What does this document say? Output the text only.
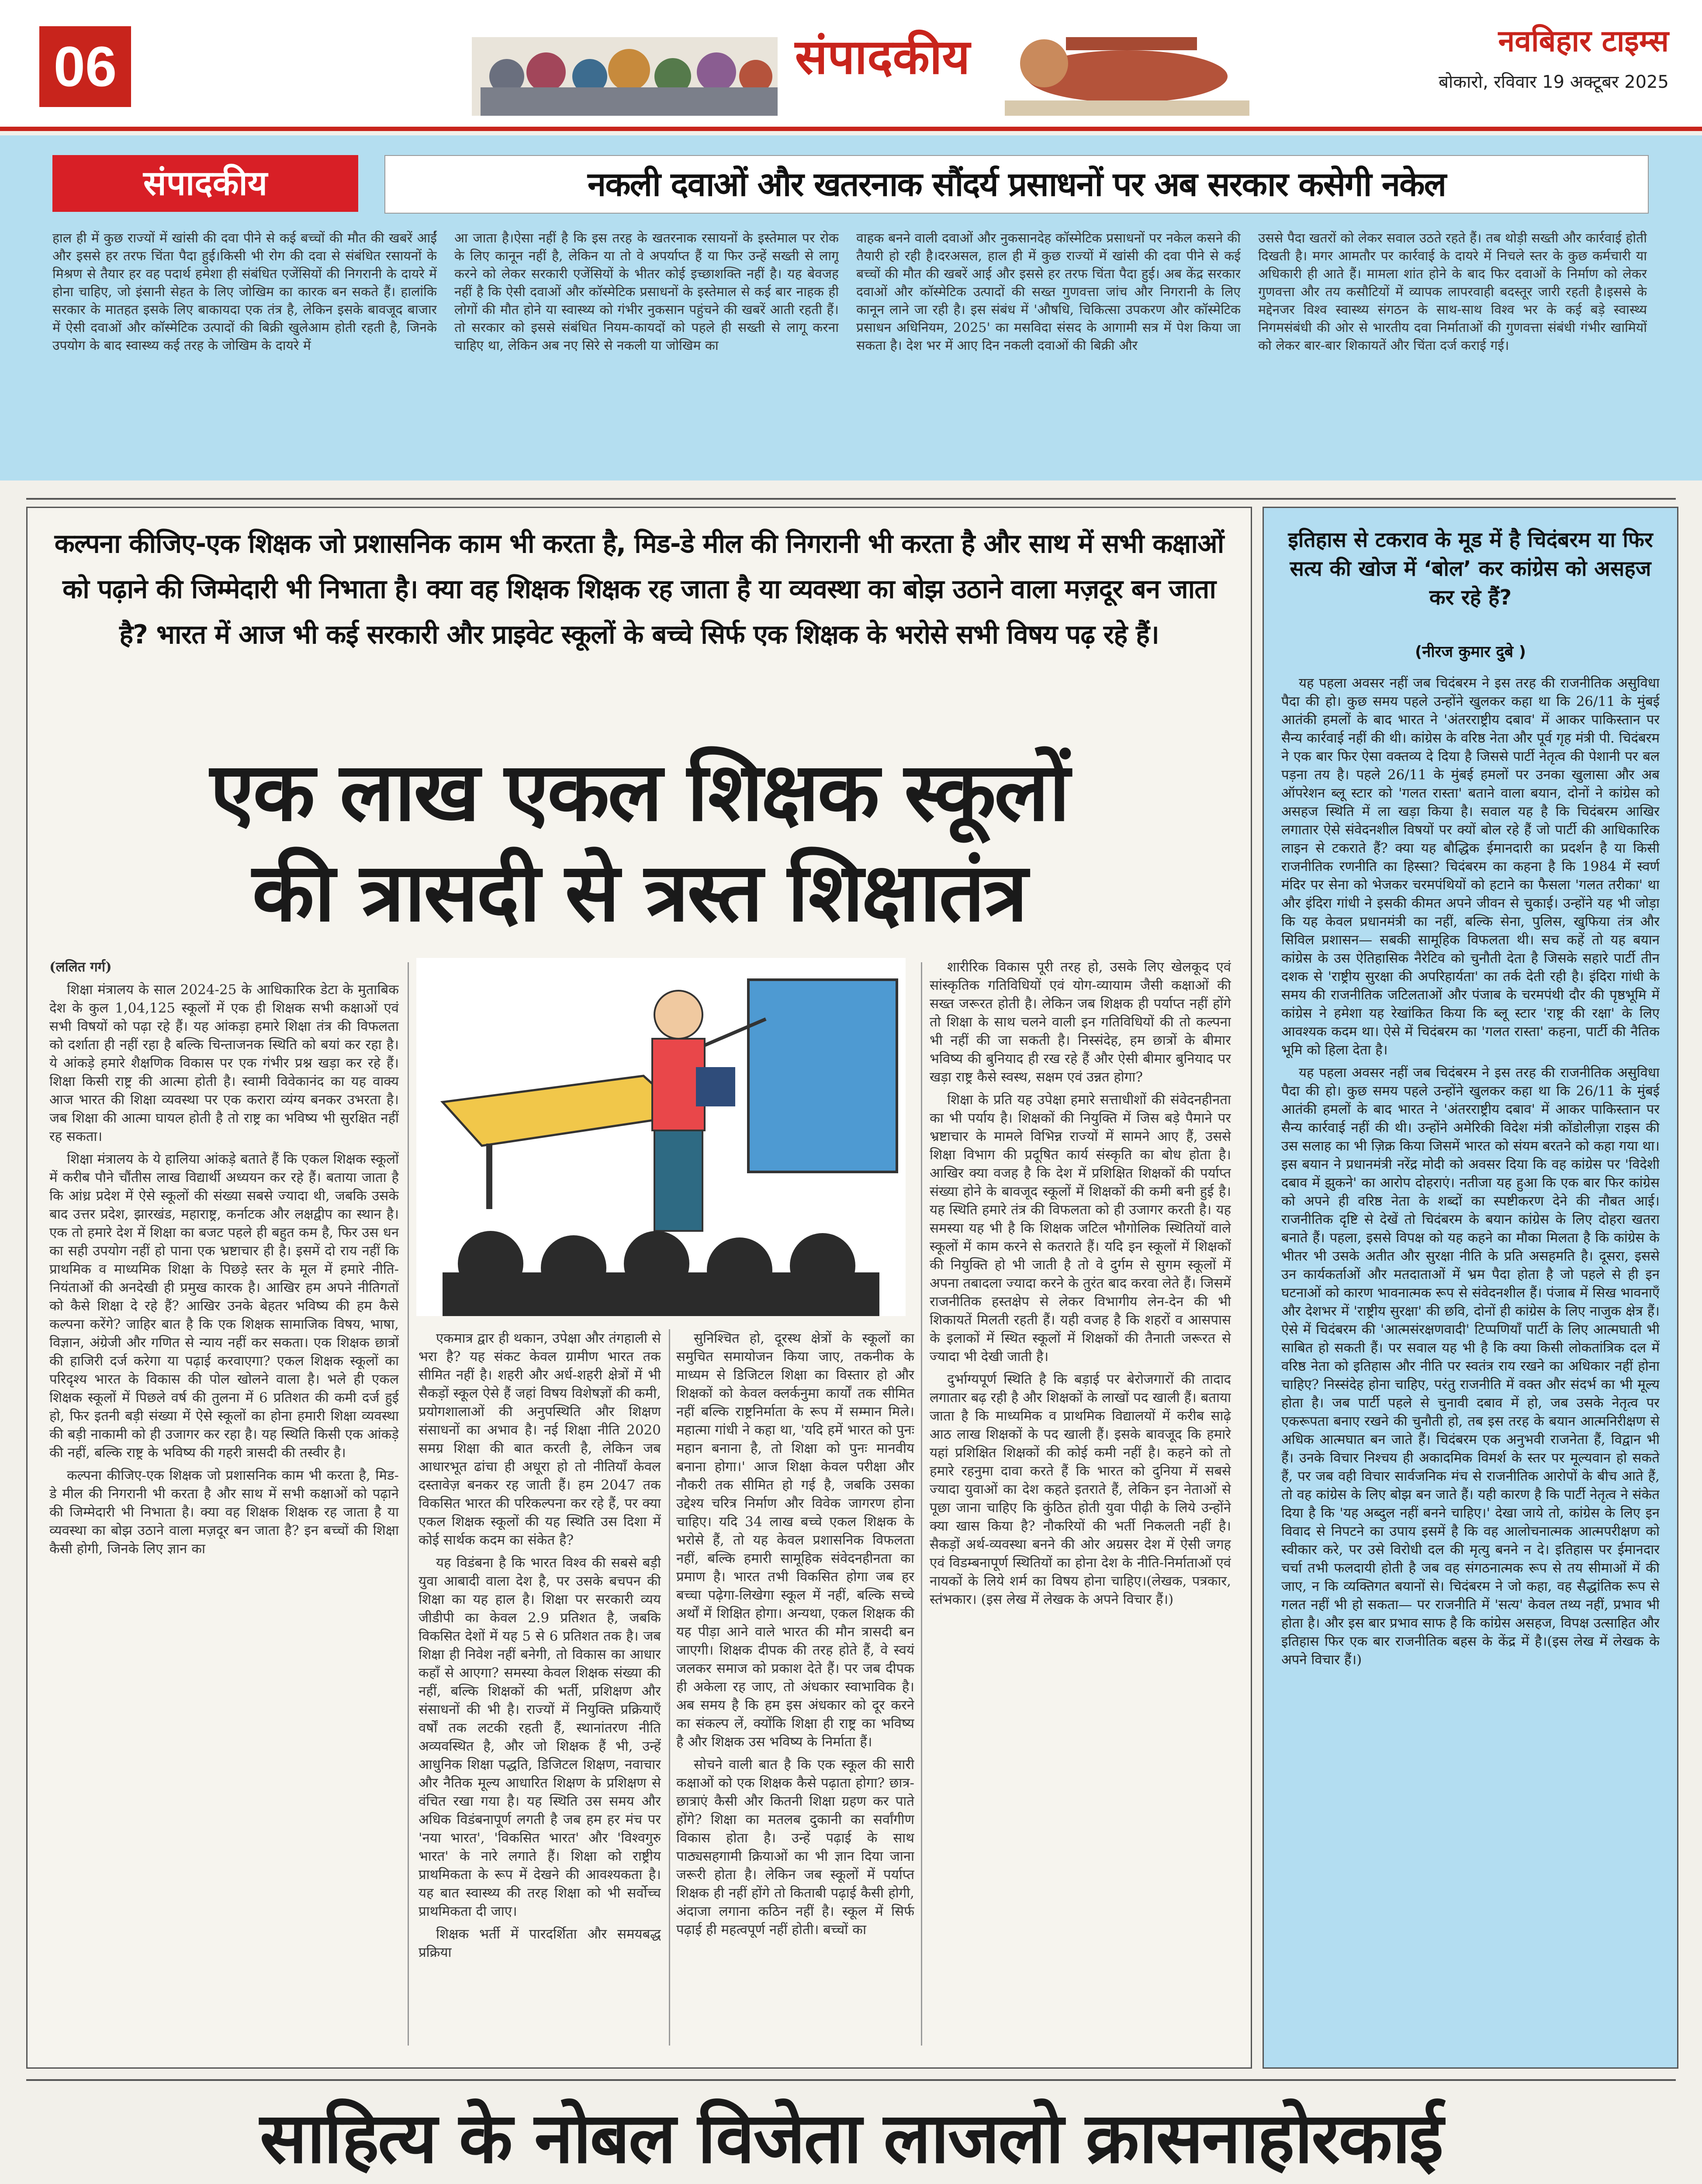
06	संपादकीय	नवबिहार टाइम्स
बोकारो, रविवार 19 अक्टूबर 2025
संपादकीय	नकली दवाओं और खतरनाक सौंदर्य प्रसाधनों पर अब सरकार कसेगी नकेल
हाल ही में कुछ राज्यों में खांसी की दवा पीने से कई बच्चों की मौत की खबरें आईं और इससे हर तरफ चिंता पैदा हुई।किसी भी रोग की दवा से संबंधित रसायनों के मिश्रण से तैयार हर वह पदार्थ हमेशा ही संबंधित एजेंसियों की निगरानी के दायरे में होना चाहिए, जो इंसानी सेहत के लिए जोखिम का कारक बन सकते हैं। हालांकि सरकार के मातहत इसके लिए बाकायदा एक तंत्र है, लेकिन इसके बावजूद बाजार में ऐसी दवाओं और कॉस्मेटिक उत्पादों की बिक्री खुलेआम होती रहती है, जिनके उपयोग के बाद स्वास्थ्य कई तरह के जोखिम के दायरे में
आ जाता है।ऐसा नहीं है कि इस तरह के खतरनाक रसायनों के इस्तेमाल पर रोक के लिए कानून नहीं है, लेकिन या तो वे अपर्याप्त हैं या फिर उन्हें सख्ती से लागू करने को लेकर सरकारी एजेंसियों के भीतर कोई इच्छाशक्ति नहीं है। यह बेवजह नहीं है कि ऐसी दवाओं और कॉस्मेटिक प्रसाधनों के इस्तेमाल से कई बार नाहक ही लोगों की मौत होने या स्वास्थ्य को गंभीर नुकसान पहुंचने की खबरें आती रहती हैं।तो सरकार को इससे संबंधित नियम-कायदों को पहले ही सख्ती से लागू करना चाहिए था, लेकिन अब नए सिरे से नकली या जोखिम का
वाहक बनने वाली दवाओं और नुकसानदेह कॉस्मेटिक प्रसाधनों पर नकेल कसने की तैयारी हो रही है।दरअसल, हाल ही में कुछ राज्यों में खांसी की दवा पीने से कई बच्चों की मौत की खबरें आई और इससे हर तरफ चिंता पैदा हुई। अब केंद्र सरकार दवाओं और कॉस्मेटिक उत्पादों की सख्त गुणवत्ता जांच और निगरानी के लिए कानून लाने जा रही है। इस संबंध में 'औषधि, चिकित्सा उपकरण और कॉस्मेटिक प्रसाधन अधिनियम, 2025' का मसविदा संसद के आगामी सत्र में पेश किया जा सकता है। देश भर में आए दिन नकली दवाओं की बिक्री और
उससे पैदा खतरों को लेकर सवाल उठते रहते हैं। तब थोड़ी सख्ती और कार्रवाई होती दिखती है। मगर आमतौर पर कार्रवाई के दायरे में निचले स्तर के कुछ कर्मचारी या अधिकारी ही आते हैं। मामला शांत होने के बाद फिर दवाओं के निर्माण को लेकर गुणवत्ता और तय कसौटियों में व्यापक लापरवाही बदस्तूर जारी रहती है।इससे के मद्देनजर विश्व स्वास्थ्य संगठन के साथ-साथ विश्व भर के कई बड़े स्वास्थ्य निगमसंबंधी की ओर से भारतीय दवा निर्माताओं की गुणवत्ता संबंधी गंभीर खामियों को लेकर बार-बार शिकायतें और चिंता दर्ज कराई गई।
कल्पना कीजिए-एक शिक्षक जो प्रशासनिक काम भी करता है, मिड-डे मील की निगरानी भी करता है और साथ में सभी कक्षाओं को पढ़ाने की जिम्मेदारी भी निभाता है। क्या वह शिक्षक शिक्षक रह जाता है या व्यवस्था का बोझ उठाने वाला मज़दूर बन जाता है? भारत में आज भी कई सरकारी और प्राइवेट स्कूलों के बच्चे सिर्फ एक शिक्षक के भरोसे सभी विषय पढ़ रहे हैं।
एक लाख एकल शिक्षक स्कूलों
की त्रासदी से त्रस्त शिक्षातंत्र

(ललित गर्ग)

शिक्षा मंत्रालय के साल 2024-25 के आधिकारिक डेटा के मुताबिक देश के कुल 1,04,125 स्कूलों में एक ही शिक्षक सभी कक्षाओं एवं सभी विषयों को पढ़ा रहे हैं। यह आंकड़ा हमारे शिक्षा तंत्र की विफलता को दर्शाता ही नहीं रहा है बल्कि चिन्ताजनक स्थिति को बयां कर रहा है। ये आंकड़े हमारे शैक्षणिक विकास पर एक गंभीर प्रश्न खड़ा कर रहे हैं। शिक्षा किसी राष्ट्र की आत्मा होती है। स्वामी विवेकानंद का यह वाक्य आज भारत की शिक्षा व्यवस्था पर एक करारा व्यंग्य बनकर उभरता है। जब शिक्षा की आत्मा घायल होती है तो राष्ट्र का भविष्य भी सुरक्षित नहीं रह सकता।

शिक्षा मंत्रालय के ये हालिया आंकड़े बताते हैं कि एकल शिक्षक स्कूलों में करीब पौने चौंतीस लाख विद्यार्थी अध्ययन कर रहे हैं। बताया जाता है कि आंध्र प्रदेश में ऐसे स्कूलों की संख्या सबसे ज्यादा थी, जबकि उसके बाद उत्तर प्रदेश, झारखंड, महाराष्ट्र, कर्नाटक और लक्षद्वीप का स्थान है। एक तो हमारे देश में शिक्षा का बजट पहले ही बहुत कम है, फिर उस धन का सही उपयोग नहीं हो पाना एक भ्रष्टाचार ही है। इसमें दो राय नहीं कि प्राथमिक व माध्यमिक शिक्षा के पिछड़े स्तर के मूल में हमारे नीति-नियंताओं की अनदेखी ही प्रमुख कारक है। आखिर हम अपने नीतिगतों को कैसे शिक्षा दे रहे हैं? आखिर उनके बेहतर भविष्य की हम कैसे कल्पना करेंगे? जाहिर बात है कि एक शिक्षक सामाजिक विषय, भाषा, विज्ञान, अंग्रेजी और गणित से न्याय नहीं कर सकता। एक शिक्षक छात्रों की हाजिरी दर्ज करेगा या पढ़ाई करवाएगा? एकल शिक्षक स्कूलों का परिदृश्य भारत के विकास की पोल खोलने वाला है। भले ही एकल शिक्षक स्कूलों में पिछले वर्ष की तुलना में 6 प्रतिशत की कमी दर्ज हुई हो, फिर इतनी बड़ी संख्या में ऐसे स्कूलों का होना हमारी शिक्षा व्यवस्था की बड़ी नाकामी को ही उजागर कर रहा है। यह स्थिति किसी एक आंकड़े की नहीं, बल्कि राष्ट्र के भविष्य की गहरी त्रासदी की तस्वीर है।

कल्पना कीजिए-एक शिक्षक जो प्रशासनिक काम भी करता है, मिड-डे मील की निगरानी भी करता है और साथ में सभी कक्षाओं को पढ़ाने की जिम्मेदारी भी निभाता है। क्या वह शिक्षक शिक्षक रह जाता है या व्यवस्था का बोझ उठाने वाला मज़दूर बन जाता है? इन बच्चों की शिक्षा कैसी होगी, जिनके लिए ज्ञान का

एकमात्र द्वार ही थकान, उपेक्षा और तंगहाली से भरा है? यह संकट केवल ग्रामीण भारत तक सीमित नहीं है। शहरी और अर्ध-शहरी क्षेत्रों में भी सैकड़ों स्कूल ऐसे हैं जहां विषय विशेषज्ञों की कमी, प्रयोगशालाओं की अनुपस्थिति और शिक्षण संसाधनों का अभाव है। नई शिक्षा नीति 2020 समग्र शिक्षा की बात करती है, लेकिन जब आधारभूत ढांचा ही अधूरा हो तो नीतियाँ केवल दस्तावेज़ बनकर रह जाती हैं। हम 2047 तक विकसित भारत की परिकल्पना कर रहे हैं, पर क्या एकल शिक्षक स्कूलों की यह स्थिति उस दिशा में कोई सार्थक कदम का संकेत है?

यह विडंबना है कि भारत विश्व की सबसे बड़ी युवा आबादी वाला देश है, पर उसके बचपन की शिक्षा का यह हाल है। शिक्षा पर सरकारी व्यय जीडीपी का केवल 2.9 प्रतिशत है, जबकि विकसित देशों में यह 5 से 6 प्रतिशत तक है। जब शिक्षा ही निवेश नहीं बनेगी, तो विकास का आधार कहाँ से आएगा? समस्या केवल शिक्षक संख्या की नहीं, बल्कि शिक्षकों की भर्ती, प्रशिक्षण और संसाधनों की भी है। राज्यों में नियुक्ति प्रक्रियाएँ वर्षों तक लटकी रहती हैं, स्थानांतरण नीति अव्यवस्थित है, और जो शिक्षक हैं भी, उन्हें आधुनिक शिक्षा पद्धति, डिजिटल शिक्षण, नवाचार और नैतिक मूल्य आधारित शिक्षण के प्रशिक्षण से वंचित रखा गया है। यह स्थिति उस समय और अधिक विडंबनापूर्ण लगती है जब हम हर मंच पर 'नया भारत', 'विकसित भारत' और 'विश्वगुरु भारत' के नारे लगाते हैं। शिक्षा को राष्ट्रीय प्राथमिकता के रूप में देखने की आवश्यकता है। यह बात स्वास्थ्य की तरह शिक्षा को भी सर्वोच्च प्राथमिकता दी जाए।

शिक्षक भर्ती में पारदर्शिता और समयबद्ध प्रक्रिया

सुनिश्चित हो, दूरस्थ क्षेत्रों के स्कूलों का समुचित समायोजन किया जाए, तकनीक के माध्यम से डिजिटल शिक्षा का विस्तार हो और शिक्षकों को केवल क्लर्कनुमा कार्यों तक सीमित नहीं बल्कि राष्ट्रनिर्माता के रूप में सम्मान मिले। महात्मा गांधी ने कहा था, 'यदि हमें भारत को पुनः महान बनाना है, तो शिक्षा को पुनः मानवीय बनाना होगा।' आज शिक्षा केवल परीक्षा और नौकरी तक सीमित हो गई है, जबकि उसका उद्देश्य चरित्र निर्माण और विवेक जागरण होना चाहिए। यदि 34 लाख बच्चे एकल शिक्षक के भरोसे हैं, तो यह केवल प्रशासनिक विफलता नहीं, बल्कि हमारी सामूहिक संवेदनहीनता का प्रमाण है। भारत तभी विकसित होगा जब हर बच्चा पढ़ेगा-लिखेगा स्कूल में नहीं, बल्कि सच्चे अर्थों में शिक्षित होगा। अन्यथा, एकल शिक्षक की यह पीड़ा आने वाले भारत की मौन त्रासदी बन जाएगी। शिक्षक दीपक की तरह होते हैं, वे स्वयं जलकर समाज को प्रकाश देते हैं। पर जब दीपक ही अकेला रह जाए, तो अंधकार स्वाभाविक है। अब समय है कि हम इस अंधकार को दूर करने का संकल्प लें, क्योंकि शिक्षा ही राष्ट्र का भविष्य है और शिक्षक उस भविष्य के निर्माता हैं।

सोचने वाली बात है कि एक स्कूल की सारी कक्षाओं को एक शिक्षक कैसे पढ़ाता होगा? छात्र-छात्राएं कैसी और कितनी शिक्षा ग्रहण कर पाते होंगे? शिक्षा का मतलब दुकानी का सर्वांगीण विकास होता है। उन्हें पढ़ाई के साथ पाठ्यसहगामी क्रियाओं का भी ज्ञान दिया जाना जरूरी होता है। लेकिन जब स्कूलों में पर्याप्त शिक्षक ही नहीं होंगे तो किताबी पढ़ाई कैसी होगी, अंदाजा लगाना कठिन नहीं है। स्कूल में सिर्फ पढ़ाई ही महत्वपूर्ण नहीं होती। बच्चों का

शारीरिक विकास पूरी तरह हो, उसके लिए खेलकूद एवं सांस्कृतिक गतिविधियों एवं योग-व्यायाम जैसी कक्षाओं की सख्त जरूरत होती है। लेकिन जब शिक्षक ही पर्याप्त नहीं होंगे तो शिक्षा के साथ चलने वाली इन गतिविधियों की तो कल्पना भी नहीं की जा सकती है। निस्संदेह, हम छात्रों के बीमार भविष्य की बुनियाद ही रख रहे हैं और ऐसी बीमार बुनियाद पर खड़ा राष्ट्र कैसे स्वस्थ, सक्षम एवं उन्नत होगा?

शिक्षा के प्रति यह उपेक्षा हमारे सत्ताधीशों की संवेदनहीनता का भी पर्याय है। शिक्षकों की नियुक्ति में जिस बड़े पैमाने पर भ्रष्टाचार के मामले विभिन्न राज्यों में सामने आए हैं, उससे शिक्षा विभाग की प्रदूषित कार्य संस्कृति का बोध होता है। आखिर क्या वजह है कि देश में प्रशिक्षित शिक्षकों की पर्याप्त संख्या होने के बावजूद स्कूलों में शिक्षकों की कमी बनी हुई है। यह स्थिति हमारे तंत्र की विफलता को ही उजागर करती है। यह समस्या यह भी है कि शिक्षक जटिल भौगोलिक स्थितियों वाले स्कूलों में काम करने से कतराते हैं। यदि इन स्कूलों में शिक्षकों की नियुक्ति हो भी जाती है तो वे दुर्गम से सुगम स्कूलों में अपना तबादला ज्यादा करने के तुरंत बाद करवा लेते हैं। जिसमें राजनीतिक हस्तक्षेप से लेकर विभागीय लेन-देन की भी शिकायतें मिलती रहती हैं। यही वजह है कि शहरों व आसपास के इलाकों में स्थित स्कूलों में शिक्षकों की तैनाती जरूरत से ज्यादा भी देखी जाती है।

दुर्भाग्यपूर्ण स्थिति है कि बड़ाई पर बेरोजगारों की तादाद लगातार बढ़ रही है और शिक्षकों के लाखों पद खाली हैं। बताया जाता है कि माध्यमिक व प्राथमिक विद्यालयों में करीब साढ़े आठ लाख शिक्षकों के पद खाली हैं। इसके बावजूद कि हमारे यहां प्रशिक्षित शिक्षकों की कोई कमी नहीं है। कहने को तो हमारे रहनुमा दावा करते हैं कि भारत को दुनिया में सबसे ज्यादा युवाओं का देश कहते इतराते हैं, लेकिन इन नेताओं से पूछा जाना चाहिए कि कुंठित होती युवा पीढ़ी के लिये उन्होंने क्या खास किया है? नौकरियों की भर्ती निकलती नहीं है। सैकड़ों अर्थ-व्यवस्था बनने की ओर अग्रसर देश में ऐसी जगह एवं विडम्बनापूर्ण स्थितियों का होना देश के नीति-निर्माताओं एवं नायकों के लिये शर्म का विषय होना चाहिए।(लेखक, पत्रकार, स्तंभकार। (इस लेख में लेखक के अपने विचार हैं।)

इतिहास से टकराव के मूड में है चिदंबरम या फिर सत्य की खोज में ‘बोल’ कर कांग्रेस को असहज कर रहे हैं?
(नीरज कुमार दुबे )

यह पहला अवसर नहीं जब चिदंबरम ने इस तरह की राजनीतिक असुविधा पैदा की हो। कुछ समय पहले उन्होंने खुलकर कहा था कि 26/11 के मुंबई आतंकी हमलों के बाद भारत ने 'अंतरराष्ट्रीय दबाव' में आकर पाकिस्तान पर सैन्य कार्रवाई नहीं की थी। कांग्रेस के वरिष्ठ नेता और पूर्व गृह मंत्री पी. चिदंबरम ने एक बार फिर ऐसा वक्तव्य दे दिया है जिससे पार्टी नेतृत्व की पेशानी पर बल पड़ना तय है। पहले 26/11 के मुंबई हमलों पर उनका खुलासा और अब ऑपरेशन ब्लू स्टार को 'गलत रास्ता' बताने वाला बयान, दोनों ने कांग्रेस को असहज स्थिति में ला खड़ा किया है। सवाल यह है कि चिदंबरम आखिर लगातार ऐसे संवेदनशील विषयों पर क्यों बोल रहे हैं जो पार्टी की आधिकारिक लाइन से टकराते हैं? क्या यह बौद्धिक ईमानदारी का प्रदर्शन है या किसी राजनीतिक रणनीति का हिस्सा? चिदंबरम का कहना है कि 1984 में स्वर्ण मंदिर पर सेना को भेजकर चरमपंथियों को हटाने का फैसला 'गलत तरीका' था और इंदिरा गांधी ने इसकी कीमत अपने जीवन से चुकाई। उन्होंने यह भी जोड़ा कि यह केवल प्रधानमंत्री का नहीं, बल्कि सेना, पुलिस, खुफिया तंत्र और सिविल प्रशासन— सबकी सामूहिक विफलता थी। सच कहें तो यह बयान कांग्रेस के उस ऐतिहासिक नैरेटिव को चुनौती देता है जिसके सहारे पार्टी तीन दशक से 'राष्ट्रीय सुरक्षा की अपरिहार्यता' का तर्क देती रही है। इंदिरा गांधी के समय की राजनीतिक जटिलताओं और पंजाब के चरमपंथी दौर की पृष्ठभूमि में कांग्रेस ने हमेशा यह रेखांकित किया कि ब्लू स्टार 'राष्ट्र की रक्षा' के लिए आवश्यक कदम था। ऐसे में चिदंबरम का 'गलत रास्ता' कहना, पार्टी की नैतिक भूमि को हिला देता है।

यह पहला अवसर नहीं जब चिदंबरम ने इस तरह की राजनीतिक असुविधा पैदा की हो। कुछ समय पहले उन्होंने खुलकर कहा था कि 26/11 के मुंबई आतंकी हमलों के बाद भारत ने 'अंतरराष्ट्रीय दबाव' में आकर पाकिस्तान पर सैन्य कार्रवाई नहीं की थी। उन्होंने अमेरिकी विदेश मंत्री कोंडोलीज़ा राइस की उस सलाह का भी ज़िक्र किया जिसमें भारत को संयम बरतने को कहा गया था। इस बयान ने प्रधानमंत्री नरेंद्र मोदी को अवसर दिया कि वह कांग्रेस पर 'विदेशी दबाव में झुकने' का आरोप दोहराएं। नतीजा यह हुआ कि एक बार फिर कांग्रेस को अपने ही वरिष्ठ नेता के शब्दों का स्पष्टीकरण देने की नौबत आई। राजनीतिक दृष्टि से देखें तो चिदंबरम के बयान कांग्रेस के लिए दोहरा खतरा बनाते हैं। पहला, इससे विपक्ष को यह कहने का मौका मिलता है कि कांग्रेस के भीतर भी उसके अतीत और सुरक्षा नीति के प्रति असहमति है। दूसरा, इससे उन कार्यकर्ताओं और मतदाताओं में भ्रम पैदा होता है जो पहले से ही इन घटनाओं को कारण भावनात्मक रूप से संवेदनशील हैं। पंजाब में सिख भावनाएँ और देशभर में 'राष्ट्रीय सुरक्षा' की छवि, दोनों ही कांग्रेस के लिए नाजुक क्षेत्र हैं। ऐसे में चिदंबरम की 'आत्मसंरक्षणवादी' टिप्पणियाँ पार्टी के लिए आत्मघाती भी साबित हो सकती हैं। पर सवाल यह भी है कि क्या किसी लोकतांत्रिक दल में वरिष्ठ नेता को इतिहास और नीति पर स्वतंत्र राय रखने का अधिकार नहीं होना चाहिए? निस्संदेह होना चाहिए, परंतु राजनीति में वक्त और संदर्भ का भी मूल्य होता है। जब पार्टी पहले से चुनावी दबाव में हो, जब उसके नेतृत्व पर एकरूपता बनाए रखने की चुनौती हो, तब इस तरह के बयान आत्मनिरीक्षण से अधिक आत्मघात बन जाते हैं। चिदंबरम एक अनुभवी राजनेता हैं, विद्वान भी हैं। उनके विचार निश्चय ही अकादमिक विमर्श के स्तर पर मूल्यवान हो सकते हैं, पर जब वही विचार सार्वजनिक मंच से राजनीतिक आरोपों के बीच आते हैं, तो वह कांग्रेस के लिए बोझ बन जाते हैं। यही कारण है कि पार्टी नेतृत्व ने संकेत दिया है कि 'यह अब्दुल नहीं बनने चाहिए।' देखा जाये तो, कांग्रेस के लिए इन विवाद से निपटने का उपाय इसमें है कि वह आलोचनात्मक आत्मपरीक्षण को स्वीकार करे, पर उसे विरोधी दल की मृत्यु बनने न दे। इतिहास पर ईमानदार चर्चा तभी फलदायी होती है जब वह संगठनात्मक रूप से तय सीमाओं में की जाए, न कि व्यक्तिगत बयानों से। चिदंबरम ने जो कहा, वह सैद्धांतिक रूप से गलत नहीं भी हो सकता— पर राजनीति में 'सत्य' केवल तथ्य नहीं, प्रभाव भी होता है। और इस बार प्रभाव साफ है कि कांग्रेस असहज, विपक्ष उत्साहित और इतिहास फिर एक बार राजनीतिक बहस के केंद्र में है।(इस लेख में लेखक के अपने विचार हैं।)

साहित्य के नोबल विजेता लाजलो क्रासनाहोरकाई
